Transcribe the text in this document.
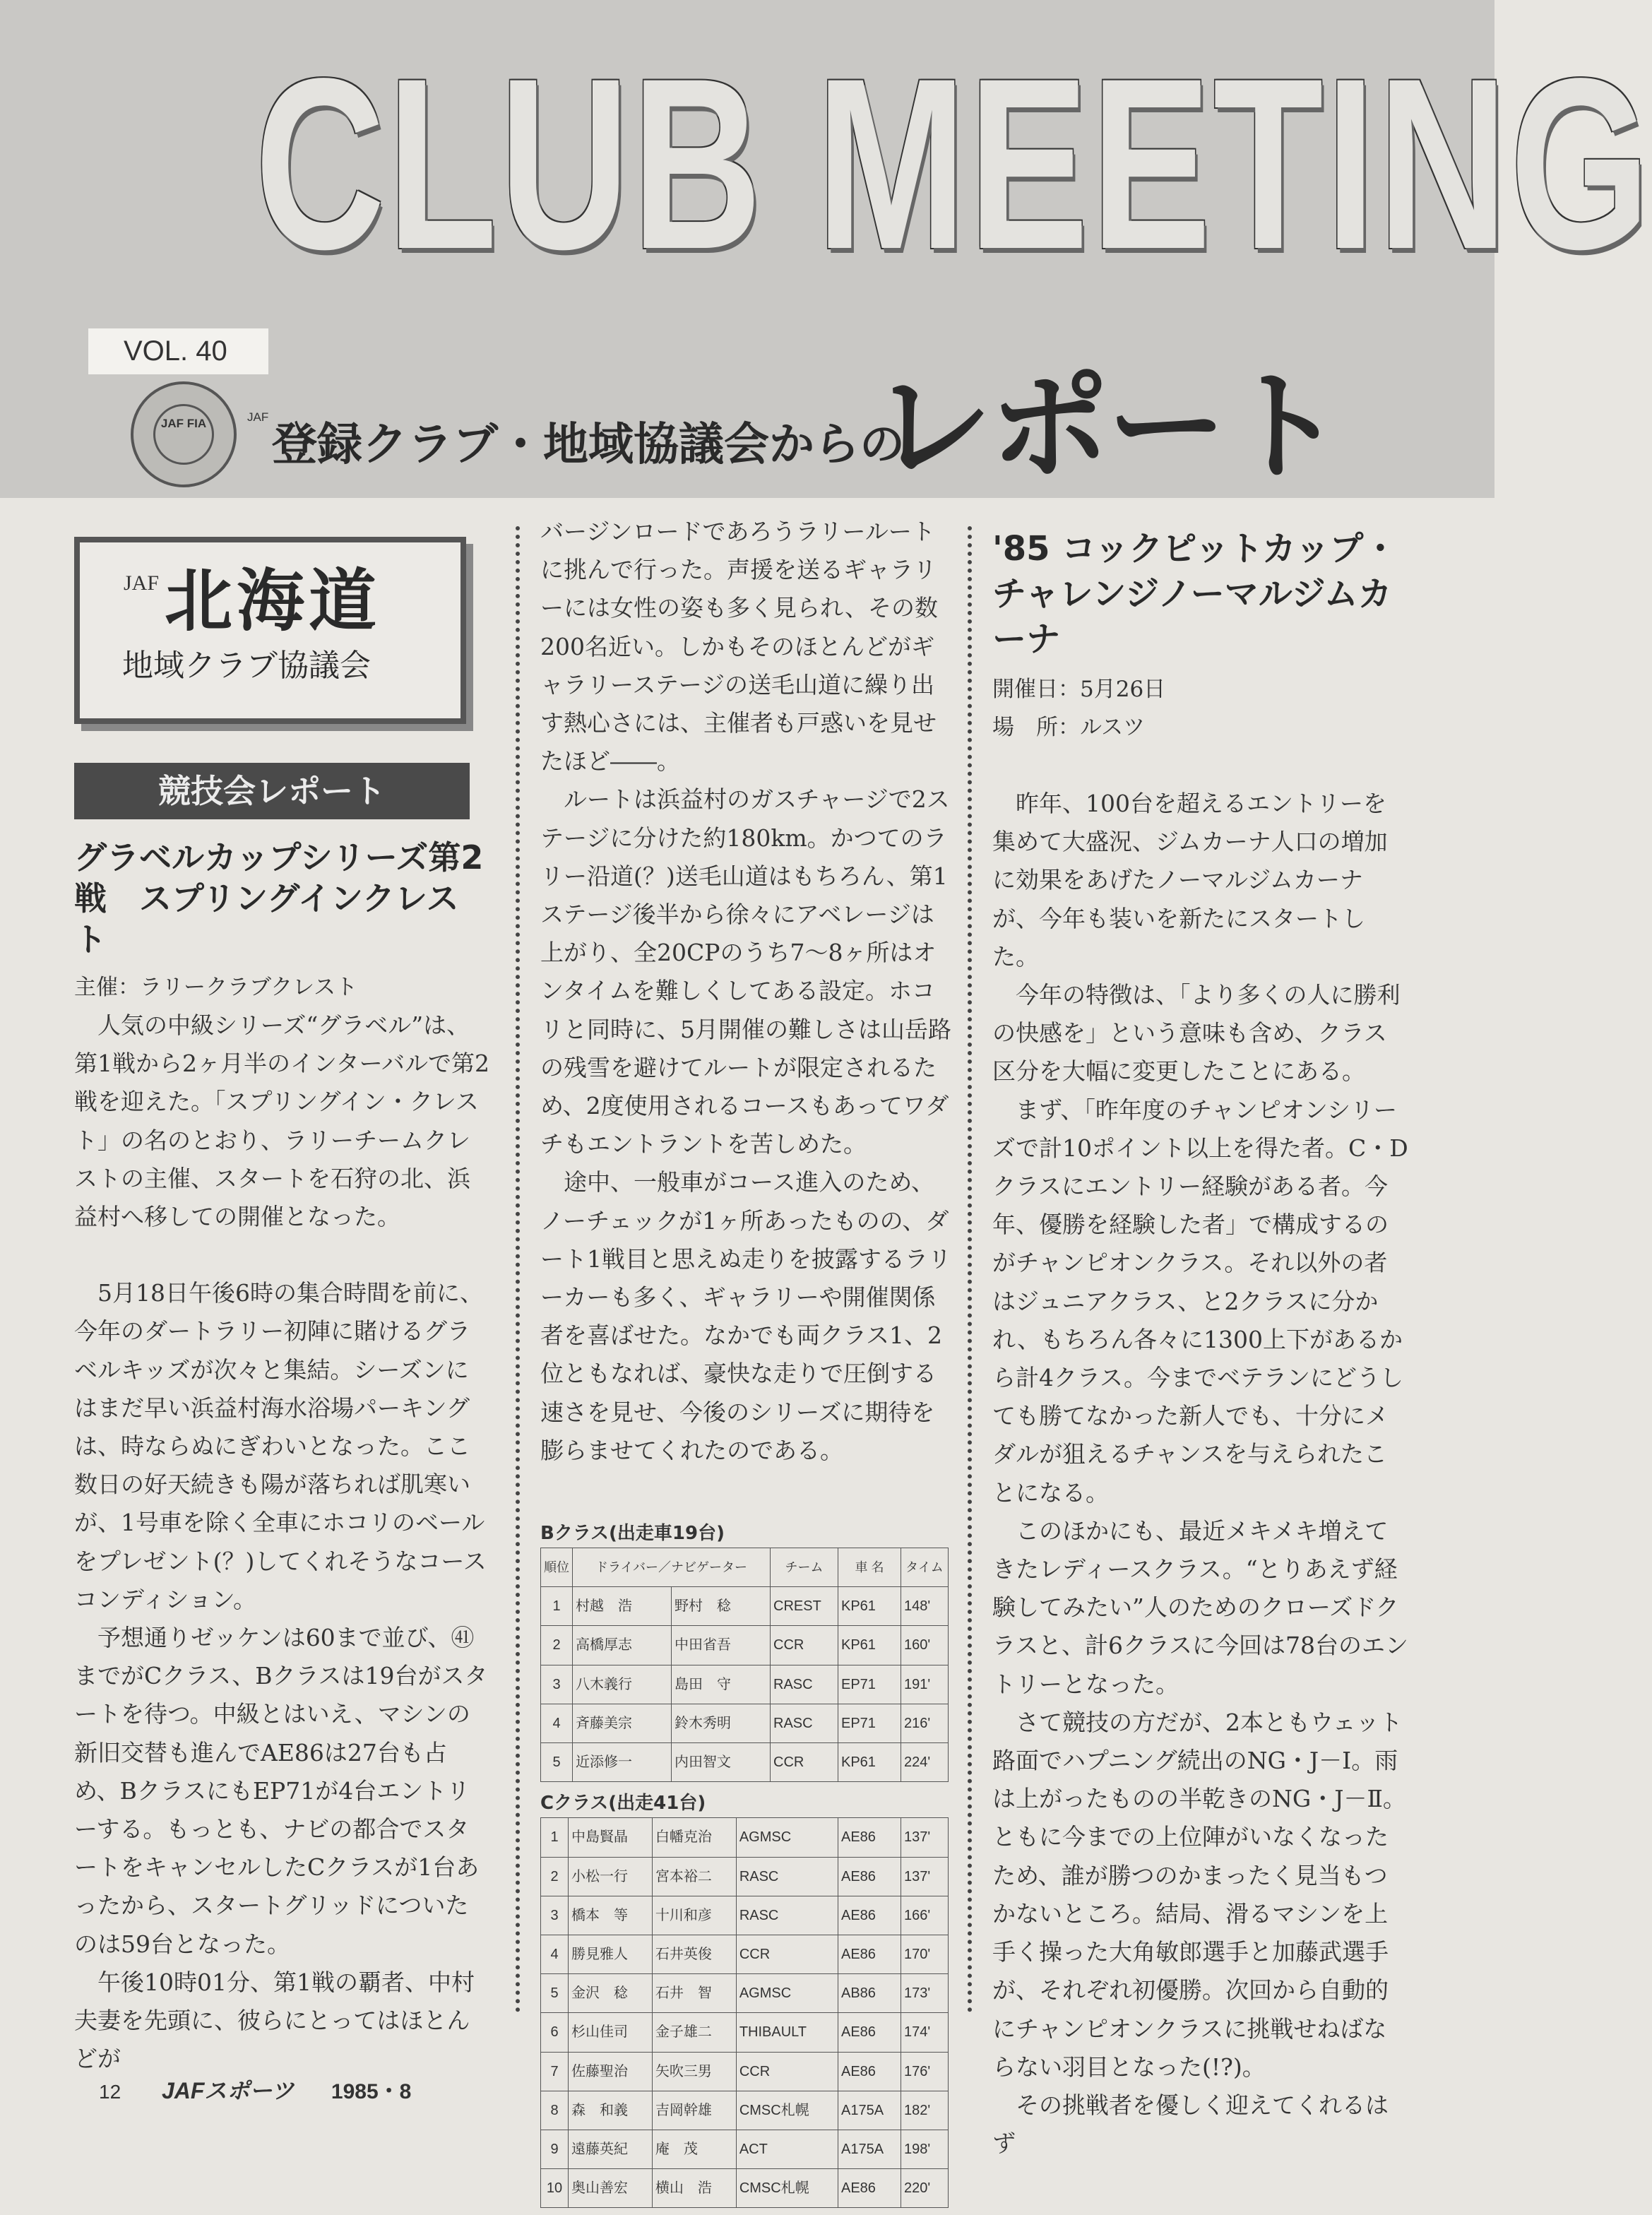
CLUB MEETING
VOL. 40
JAF FIA	JAF
登録クラブ・地域協議会からの
レポート
JAF 北海道
地域クラブ協議会
競技会レポート
グラベルカップシリーズ第2戦　スプリングインクレスト
主催：ラリークラブクレスト

人気の中級シリーズ“グラベル”は、第1戦から2ヶ月半のインターバルで第2戦を迎えた。「スプリングイン・クレスト」の名のとおり、ラリーチームクレストの主催、スタートを石狩の北、浜益村へ移しての開催となった。

5月18日午後6時の集合時間を前に、今年のダートラリー初陣に賭けるグラベルキッズが次々と集結。シーズンにはまだ早い浜益村海水浴場パーキングは、時ならぬにぎわいとなった。ここ数日の好天続きも陽が落ちれば肌寒いが、1号車を除く全車にホコリのベールをプレゼント(？)してくれそうなコースコンディション。

予想通りゼッケンは60まで並び、㊶までがCクラス、Bクラスは19台がスタートを待つ。中級とはいえ、マシンの新旧交替も進んでAE86は27台も占め、BクラスにもEP71が4台エントリーする。もっとも、ナビの都合でスタートをキャンセルしたCクラスが1台あったから、スタートグリッドについたのは59台となった。

午後10時01分、第1戦の覇者、中村夫妻を先頭に、彼らにとってはほとんどが

バージンロードであろうラリールートに挑んで行った。声援を送るギャラリーには女性の姿も多く見られ、その数200名近い。しかもそのほとんどがギャラリーステージの送毛山道に繰り出す熱心さには、主催者も戸惑いを見せたほど――。

ルートは浜益村のガスチャージで2ステージに分けた約180km。かつてのラリー沿道(？)送毛山道はもちろん、第1ステージ後半から徐々にアベレージは上がり、全20CPのうち7～8ヶ所はオンタイムを難しくしてある設定。ホコリと同時に、5月開催の難しさは山岳路の残雪を避けてルートが限定されるため、2度使用されるコースもあってワダチもエントラントを苦しめた。

途中、一般車がコース進入のため、ノーチェックが1ヶ所あったものの、ダート1戦目と思えぬ走りを披露するラリーカーも多く、ギャラリーや開催関係者を喜ばせた。なかでも両クラス1、2位ともなれば、豪快な走りで圧倒する速さを見せ、今後のシリーズに期待を膨らませてくれたのである。

Bクラス(出走車19台)
順位	ドライバー／ナビゲーター		チーム	車 名	タイム
1	村越　浩	野村　稔	CREST	KP61	148'
2	高橋厚志	中田省吾	CCR	KP61	160'
3	八木義行	島田　守	RASC	EP71	191'
4	斉藤美宗	鈴木秀明	RASC	EP71	216'
5	近添修一	内田智文	CCR	KP61	224'
Cクラス(出走41台)
1	中島賢晶	白幡克治	AGMSC	AE86	137'
2	小松一行	宮本裕二	RASC	AE86	137'
3	橋本　等	十川和彦	RASC	AE86	166'
4	勝見雅人	石井英俊	CCR	AE86	170'
5	金沢　稔	石井　智	AGMSC	AB86	173'
6	杉山佳司	金子雄二	THIBAULT	AE86	174'
7	佐藤聖治	矢吹三男	CCR	AE86	176'
8	森　和義	吉岡幹雄	CMSC札幌	A175A	182'
9	遠藤英紀	庵　茂	ACT	A175A	198'
10	奥山善宏	横山　浩	CMSC札幌	AE86	220'
'85 コックピットカップ・チャレンジノーマルジムカーナ
開催日：5月26日
場　所：ルスツ

昨年、100台を超えるエントリーを集めて大盛況、ジムカーナ人口の増加に効果をあげたノーマルジムカーナが、今年も装いを新たにスタートした。

今年の特徴は、「より多くの人に勝利の快感を」という意味も含め、クラス区分を大幅に変更したことにある。

まず、「昨年度のチャンピオンシリーズで計10ポイント以上を得た者。C・Dクラスにエントリー経験がある者。今年、優勝を経験した者」で構成するのがチャンピオンクラス。それ以外の者はジュニアクラス、と2クラスに分かれ、もちろん各々に1300上下があるから計4クラス。今までベテランにどうしても勝てなかった新人でも、十分にメダルが狙えるチャンスを与えられたことになる。

このほかにも、最近メキメキ増えてきたレディースクラス。“とりあえず経験してみたい”人のためのクローズドクラスと、計6クラスに今回は78台のエントリーとなった。

さて競技の方だが、2本ともウェット路面でハプニング続出のNG・J－Ⅰ。雨は上がったものの半乾きのNG・J－Ⅱ。ともに今までの上位陣がいなくなったため、誰が勝つのかまったく見当もつかないところ。結局、滑るマシンを上手く操った大角敏郎選手と加藤武選手が、それぞれ初優勝。次回から自動的にチャンピオンクラスに挑戦せねばならない羽目となった(!?)。

その挑戦者を優しく迎えてくれるはず

12 JAFスポーツ 1985・8
